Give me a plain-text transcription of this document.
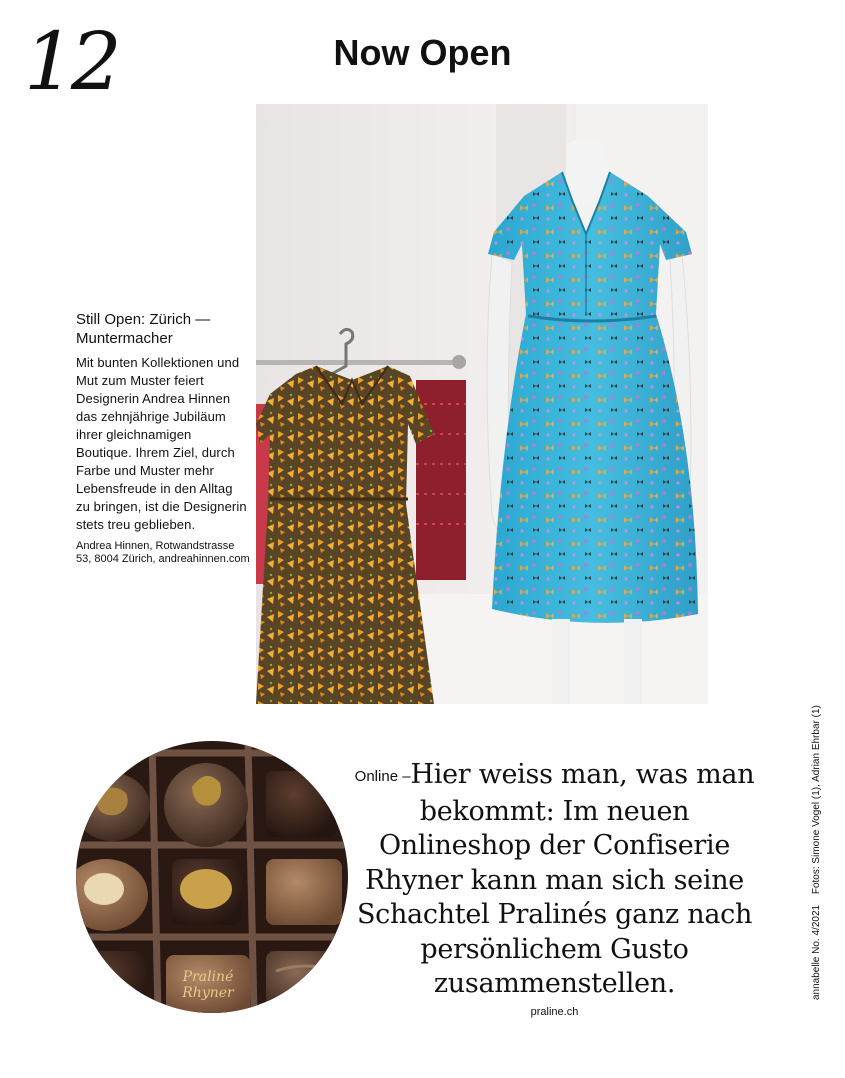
12	Now Open
Still Open: Zürich — Muntermacher

Mit bunten Kollektionen und Mut zum Muster feiert Designerin Andrea Hinnen das zehnjährige Jubiläum ihrer gleichnamigen Boutique. Ihrem Ziel, durch Farbe und Muster mehr Lebensfreude in den Alltag zu bringen, ist die Designerin stets treu geblieben.

Andrea Hinnen, Rotwandstrasse 53, 8004 Zürich, andreahinnen.com

Praliné
Rhyner

Online –Hier weiss man, was man bekommt: Im neuen Onlineshop der Confiserie Rhyner kann man sich seine Schachtel Pralinés ganz nach persönlichem Gusto zusammenstellen.

praline.ch
annabelle No. 4/2021 Fotos: Simone Vogel (1), Adrian Ehrbar (1)
